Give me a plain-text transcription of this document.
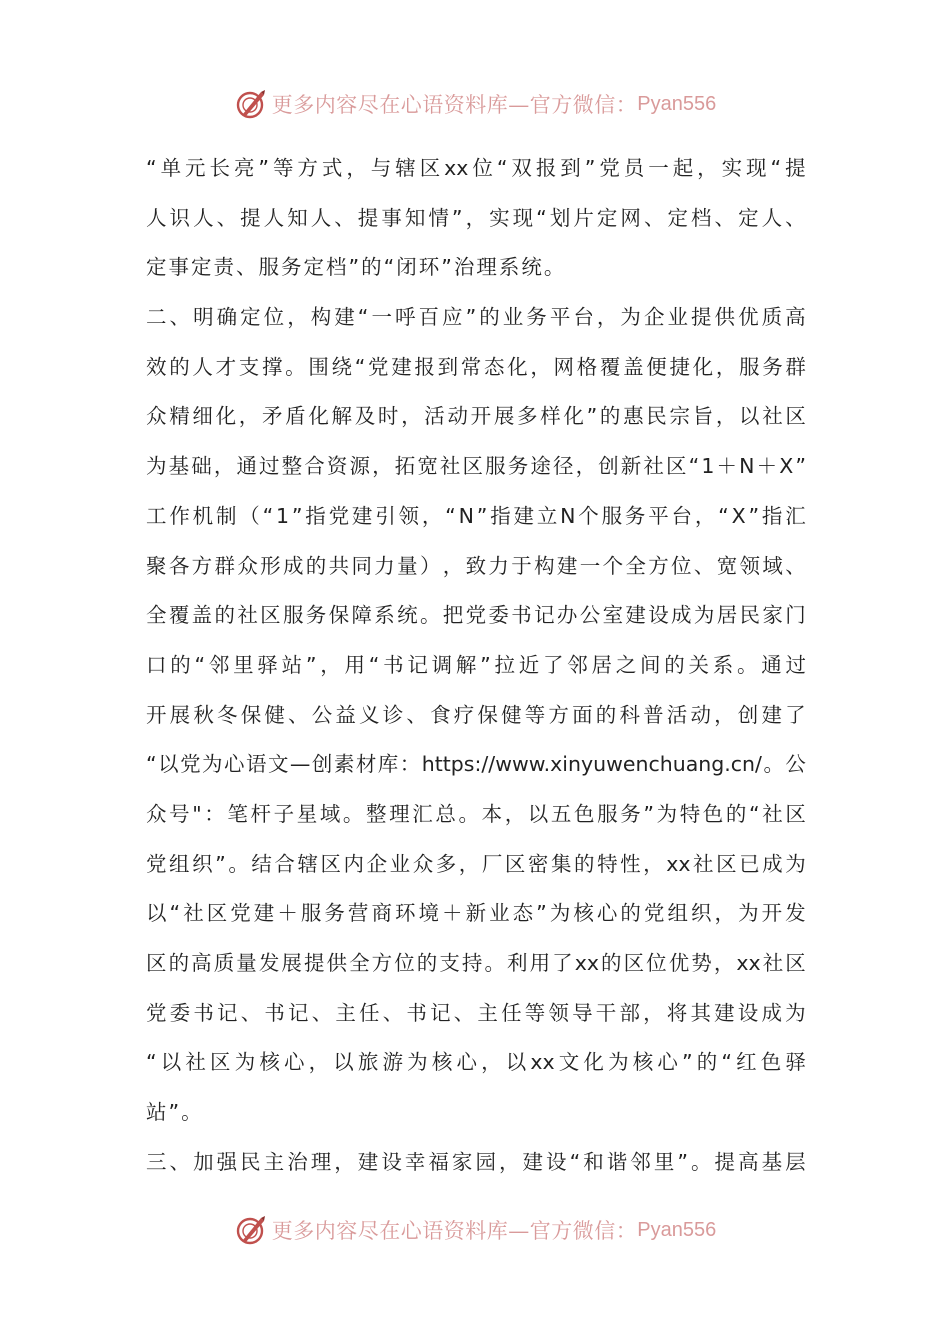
更多内容尽在心语资料库—官方微信： Pyan556
“ 单 元 长 亮 ” 等 方 式 ， 与 辖 区 xx 位 “ 双 报 到 ” 党 员 一 起 ， 实 现 “ 提
人 识 人 、 提 人 知 人 、 提 事 知 情 ” ， 实 现 “ 划 片 定 网 、 定 档 、 定 人 、
定事定责、服务定档”的“闭环”治理系统。
二 、 明 确 定 位 ， 构 建 “ 一 呼 百 应 ” 的 业 务 平 台 ， 为 企 业 提 供 优 质 高
效 的 人 才 支 撑 。 围 绕 “ 党 建 报 到 常 态 化 ， 网 格 覆 盖 便 捷 化 ， 服 务 群
众 精 细 化 ， 矛 盾 化 解 及 时 ， 活 动 开 展 多 样 化 ” 的 惠 民 宗 旨 ， 以 社 区
为 基 础 ， 通 过 整 合 资 源 ， 拓 宽 社 区 服 务 途 径 ， 创 新 社 区 “ 1 ＋ N ＋ X ”
工 作 机 制 （ “ 1 ” 指 党 建 引 领 ， “ N ” 指 建 立 N 个 服 务 平 台 ， “ X ” 指 汇
聚 各 方 群 众 形 成 的 共 同 力 量 ） ， 致 力 于 构 建 一 个 全 方 位 、 宽 领 域 、
全 覆 盖 的 社 区 服 务 保 障 系 统 。 把 党 委 书 记 办 公 室 建 设 成 为 居 民 家 门
口 的 “ 邻 里 驿 站 ” ， 用 “ 书 记 调 解 ” 拉 近 了 邻 居 之 间 的 关 系 。 通 过
开 展 秋 冬 保 健 、 公 益 义 诊 、 食 疗 保 健 等 方 面 的 科 普 活 动 ， 创 建 了
“ 以 党 为 心 语 文 — 创 素 材 库 ： https://www.xinyuwenchuang.cn/ 。 公
众 号 " ： 笔 杆 子 星 域 。 整 理 汇 总 。 本 ， 以 五 色 服 务 ” 为 特 色 的 “ 社 区
党 组 织 ” 。 结 合 辖 区 内 企 业 众 多 ， 厂 区 密 集 的 特 性 ， xx 社 区 已 成 为
以 “ 社 区 党 建 ＋ 服 务 营 商 环 境 ＋ 新 业 态 ” 为 核 心 的 党 组 织 ， 为 开 发
区 的 高 质 量 发 展 提 供 全 方 位 的 支 持 。 利 用 了 xx 的 区 位 优 势 ， xx 社 区
党 委 书 记 、 书 记 、 主 任 、 书 记 、 主 任 等 领 导 干 部 ， 将 其 建 设 成 为
“ 以 社 区 为 核 心 ， 以 旅 游 为 核 心 ， 以 xx 文 化 为 核 心 ” 的 “ 红 色 驿
站”。
三 、 加 强 民 主 治 理 ， 建 设 幸 福 家 园 ， 建 设 “ 和 谐 邻 里 ” 。 提 高 基 层
更多内容尽在心语资料库—官方微信： Pyan556
